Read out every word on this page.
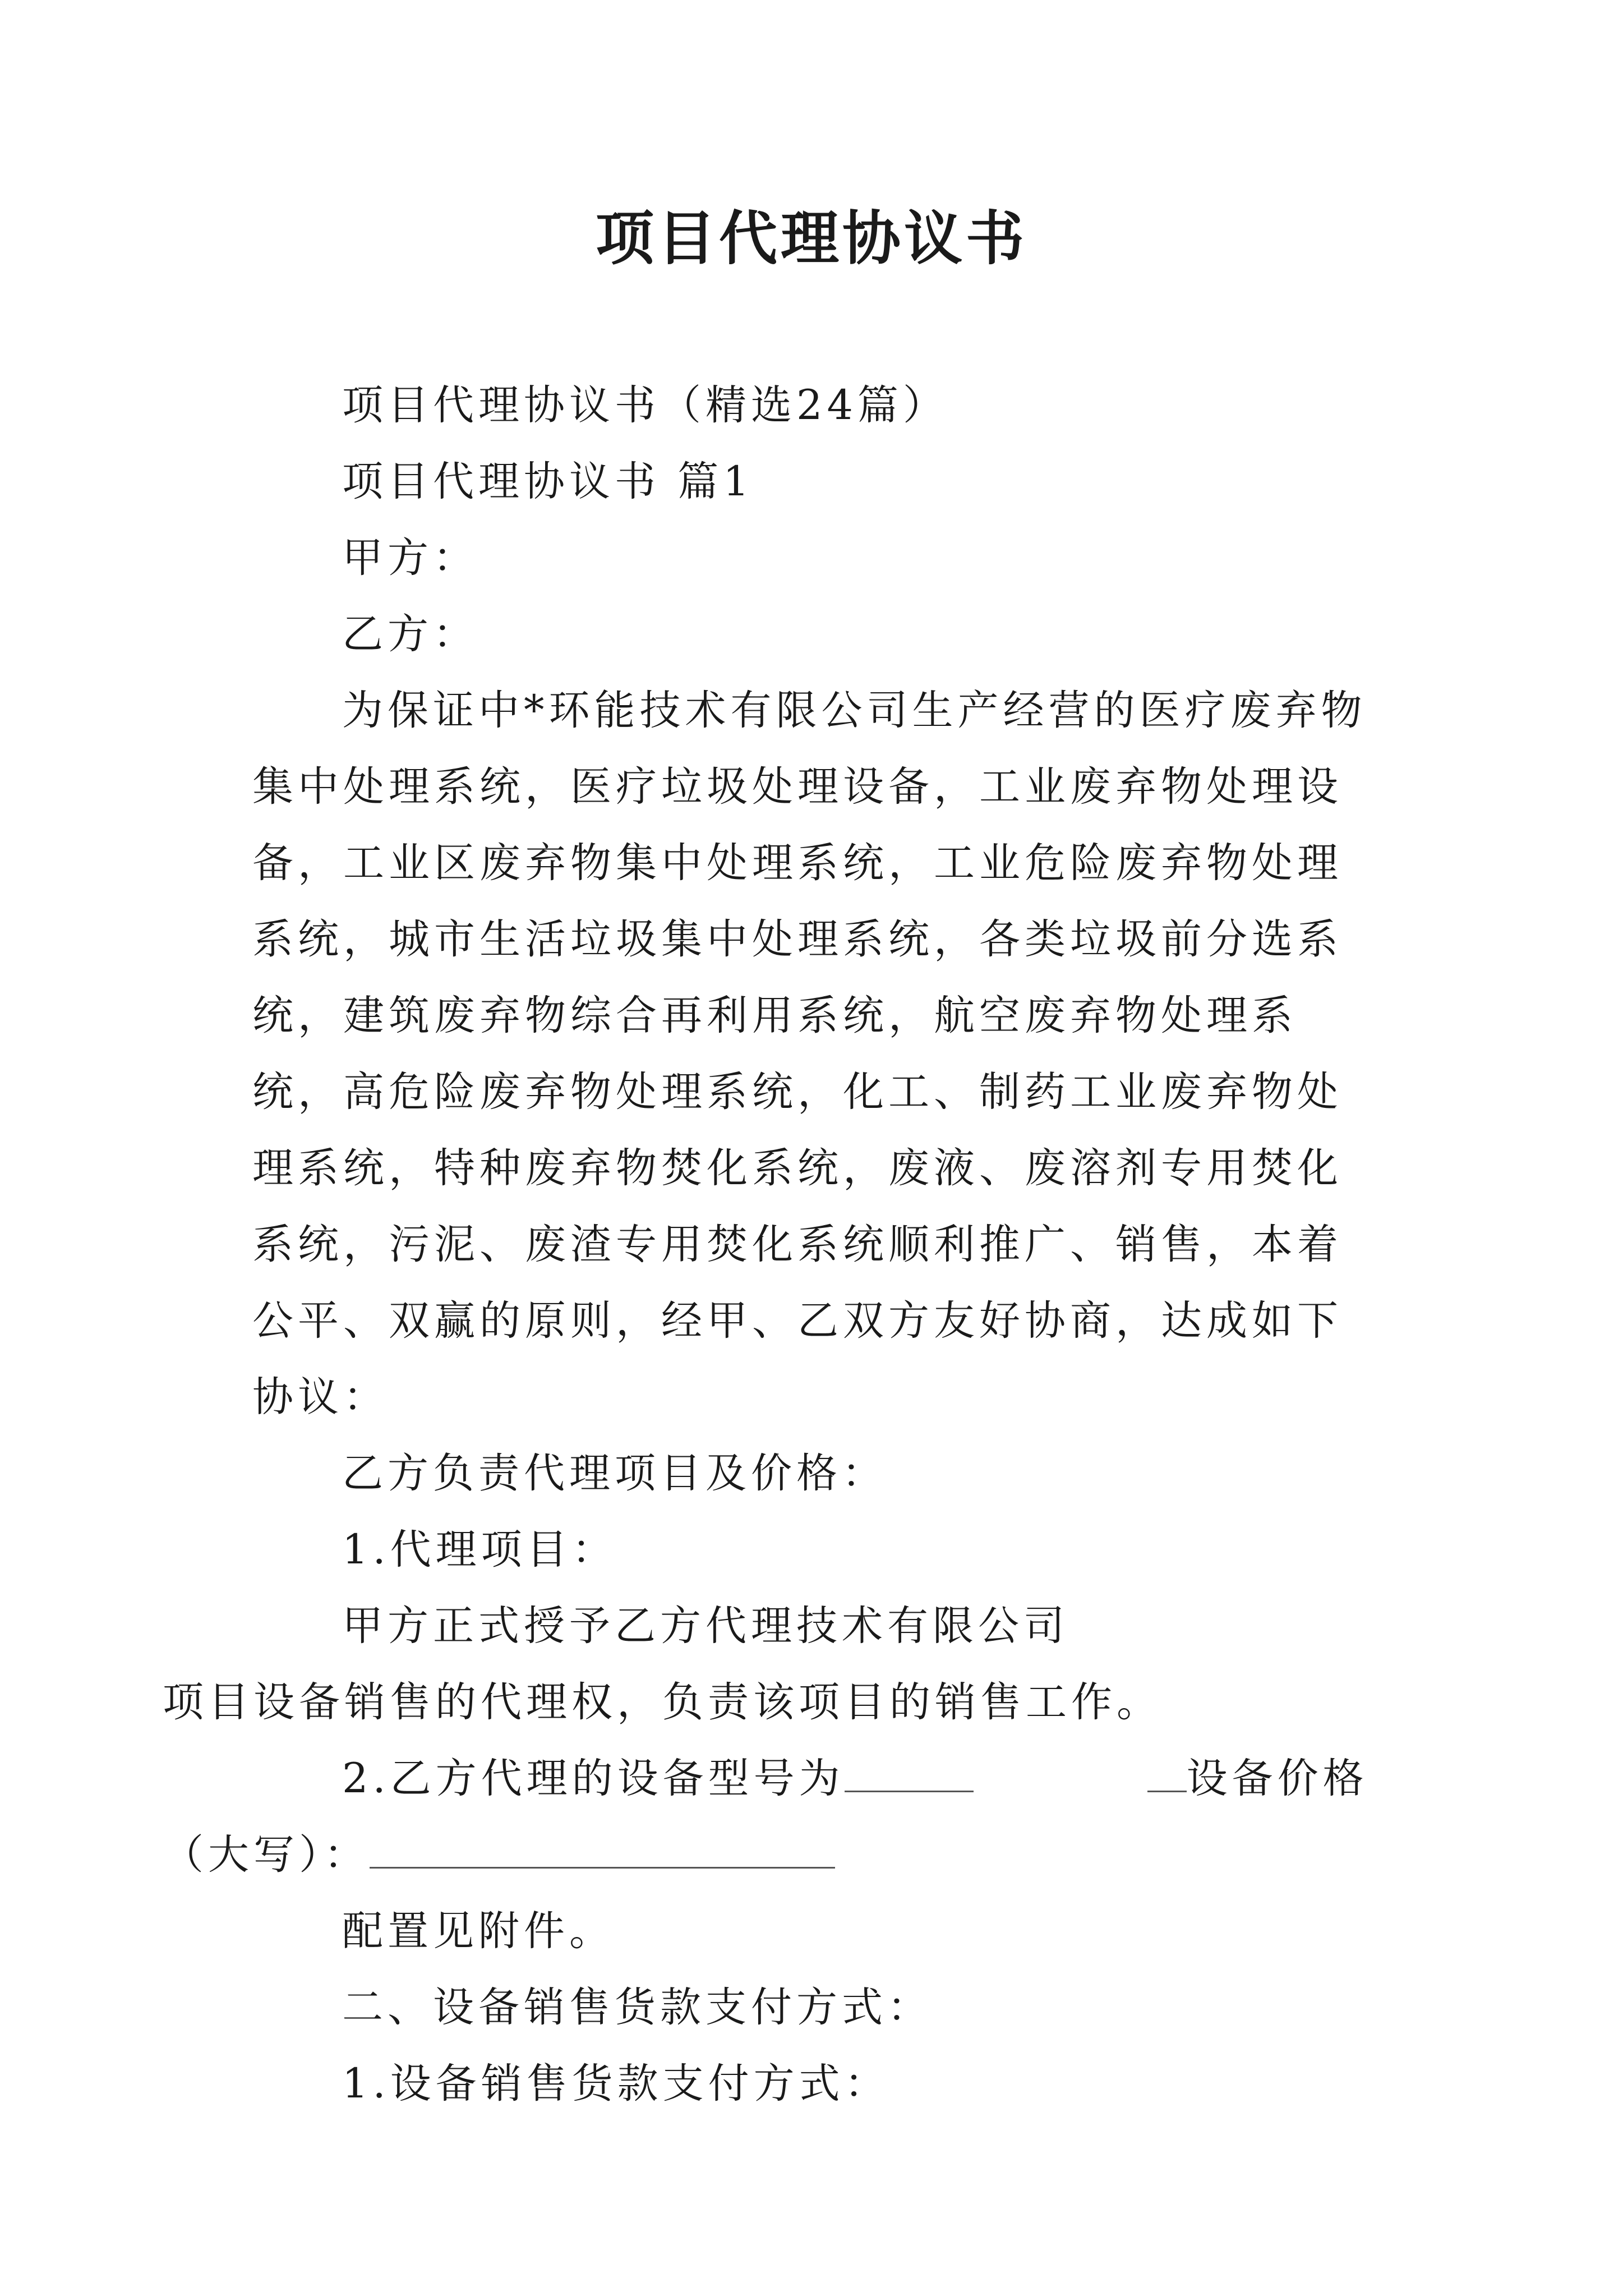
项目代理协议书

项目代理协议书（精选24篇）

项目代理协议书 篇1

甲方：

乙方：

为保证中*环能技术有限公司生产经营的医疗废弃物集中处理系统，医疗垃圾处理设备，工业废弃物处理设备，工业区废弃物集中处理系统，工业危险废弃物处理系统，城市生活垃圾集中处理系统，各类垃圾前分选系统，建筑废弃物综合再利用系统，航空废弃物处理系统，高危险废弃物处理系统，化工、制药工业废弃物处理系统，特种废弃物焚化系统，废液、废溶剂专用焚化系统，污泥、废渣专用焚化系统顺利推广、销售，本着公平、双赢的原则，经甲、乙双方友好协商，达成如下协议：

乙方负责代理项目及价格：

1.代理项目：

甲方正式授予乙方代理技术有限公司

项目设备销售的代理权，负责该项目的销售工作。

2.乙方代理的设备型号为	设备价格

（大写）：

配置见附件。

二、设备销售货款支付方式：

1.设备销售货款支付方式：
